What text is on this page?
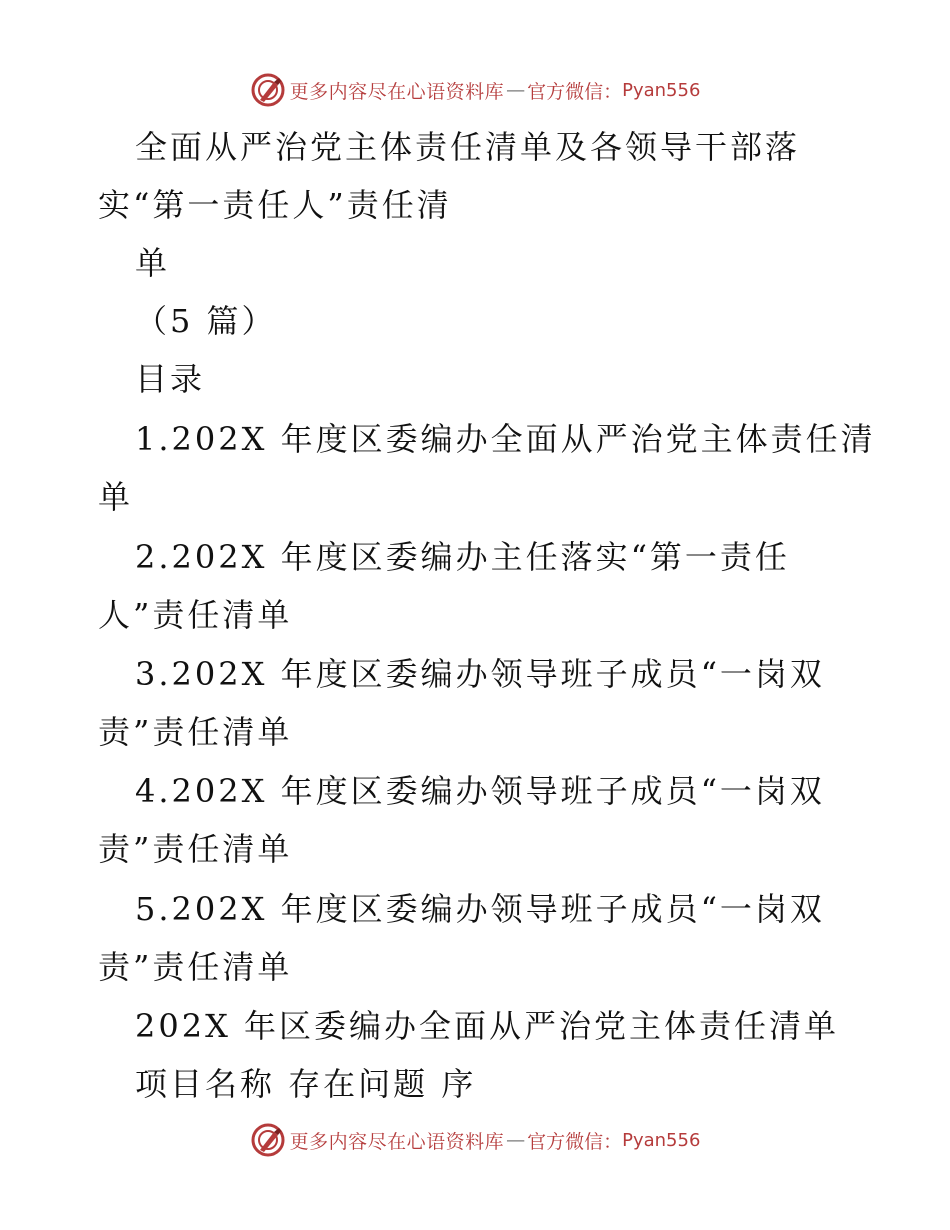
更多内容尽在心语资料库 — 官方微信： Pyan556
全面从严治党主体责任清单及各领导干部落
实“第一责任人”责任清
单
（5 篇）
目录
1.202X 年度区委编办全面从严治党主体责任清
单
2.202X 年度区委编办主任落实“第一责任
人”责任清单
3.202X 年度区委编办领导班子成员“一岗双
责”责任清单
4.202X 年度区委编办领导班子成员“一岗双
责”责任清单
5.202X 年度区委编办领导班子成员“一岗双
责”责任清单
202X 年区委编办全面从严治党主体责任清单
项目名称 存在问题 序
更多内容尽在心语资料库 — 官方微信： Pyan556
